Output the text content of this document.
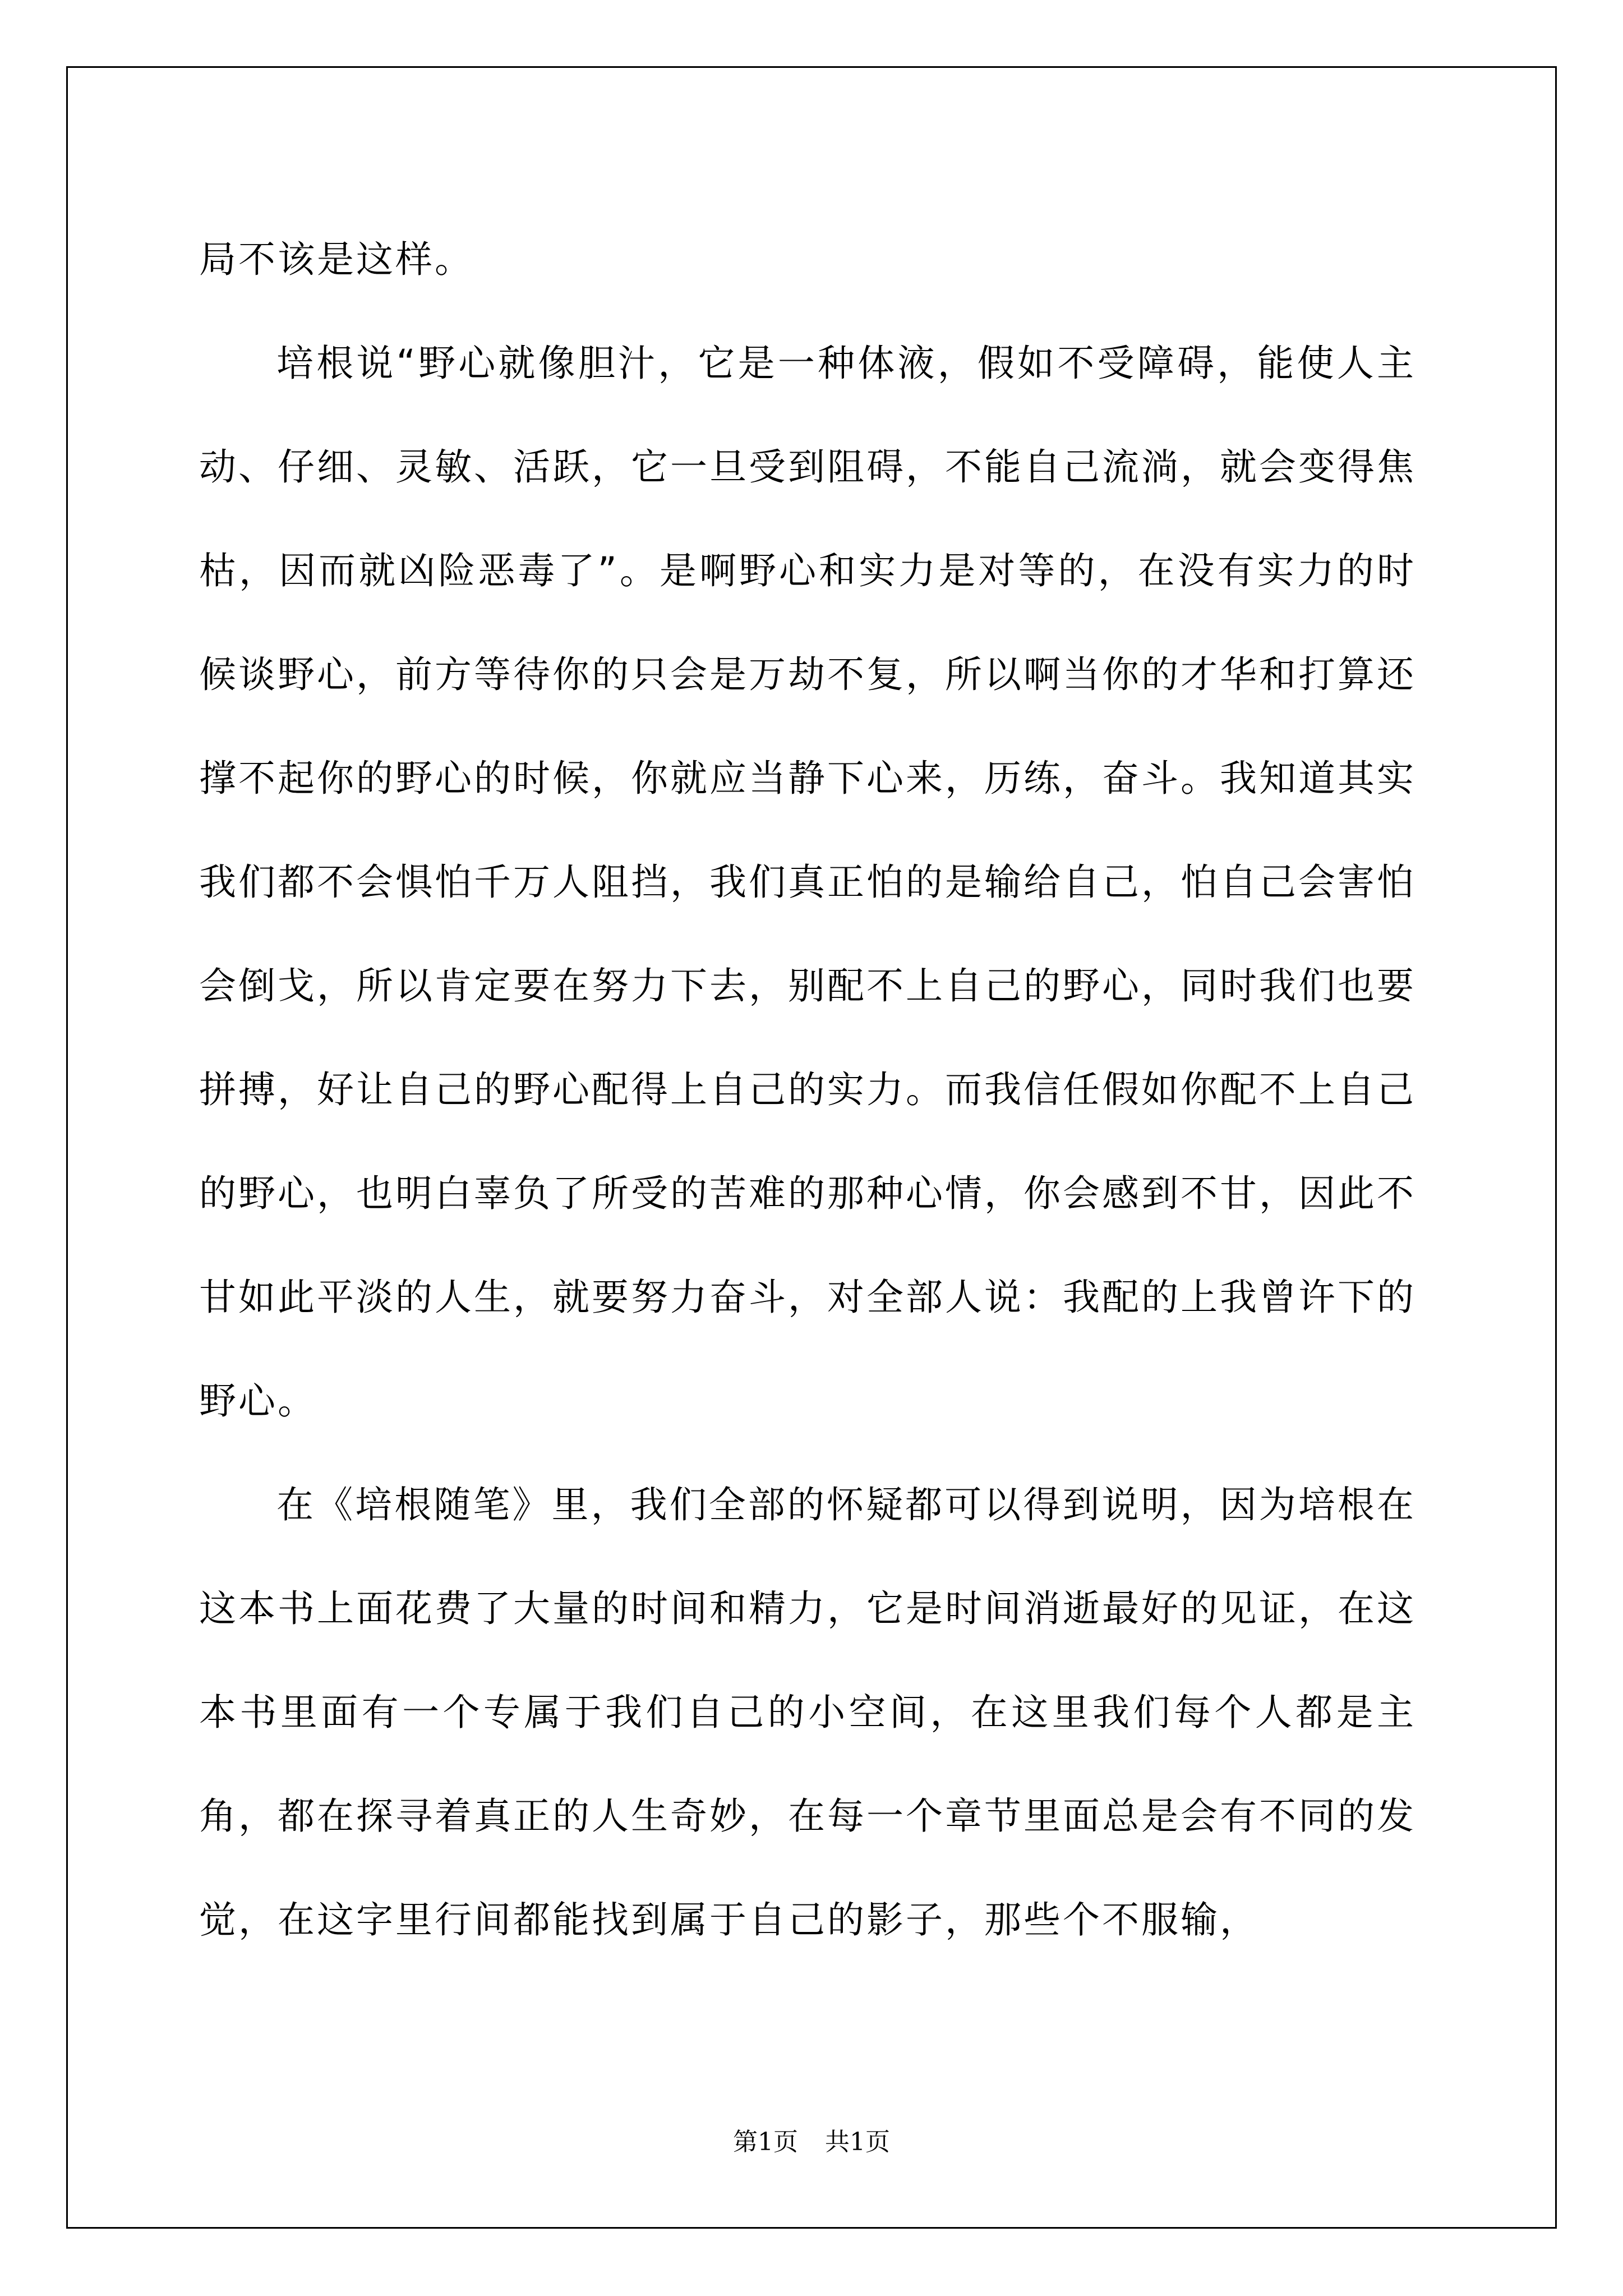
局不该是这样。

培根说“野心就像胆汁，它是一种体液，假如不受障碍，能使人主动、仔细、灵敏、活跃，它一旦受到阻碍，不能自己流淌，就会变得焦枯，因而就凶险恶毒了”。是啊野心和实力是对等的，在没有实力的时候谈野心，前方等待你的只会是万劫不复，所以啊当你的才华和打算还撑不起你的野心的时候，你就应当静下心来，历练，奋斗。我知道其实我们都不会惧怕千万人阻挡，我们真正怕的是输给自己，怕自己会害怕会倒戈，所以肯定要在努力下去，别配不上自己的野心，同时我们也要拼搏，好让自己的野心配得上自己的实力。而我信任假如你配不上自己的野心，也明白辜负了所受的苦难的那种心情，你会感到不甘，因此不甘如此平淡的人生，就要努力奋斗，对全部人说：我配的上我曾许下的野心。

在《培根随笔》里，我们全部的怀疑都可以得到说明，因为培根在这本书上面花费了大量的时间和精力，它是时间消逝最好的见证，在这本书里面有一个专属于我们自己的小空间，在这里我们每个人都是主角，都在探寻着真正的人生奇妙，在每一个章节里面总是会有不同的发觉，在这字里行间都能找到属于自己的影子，那些个不服输，

第1页 共1页
